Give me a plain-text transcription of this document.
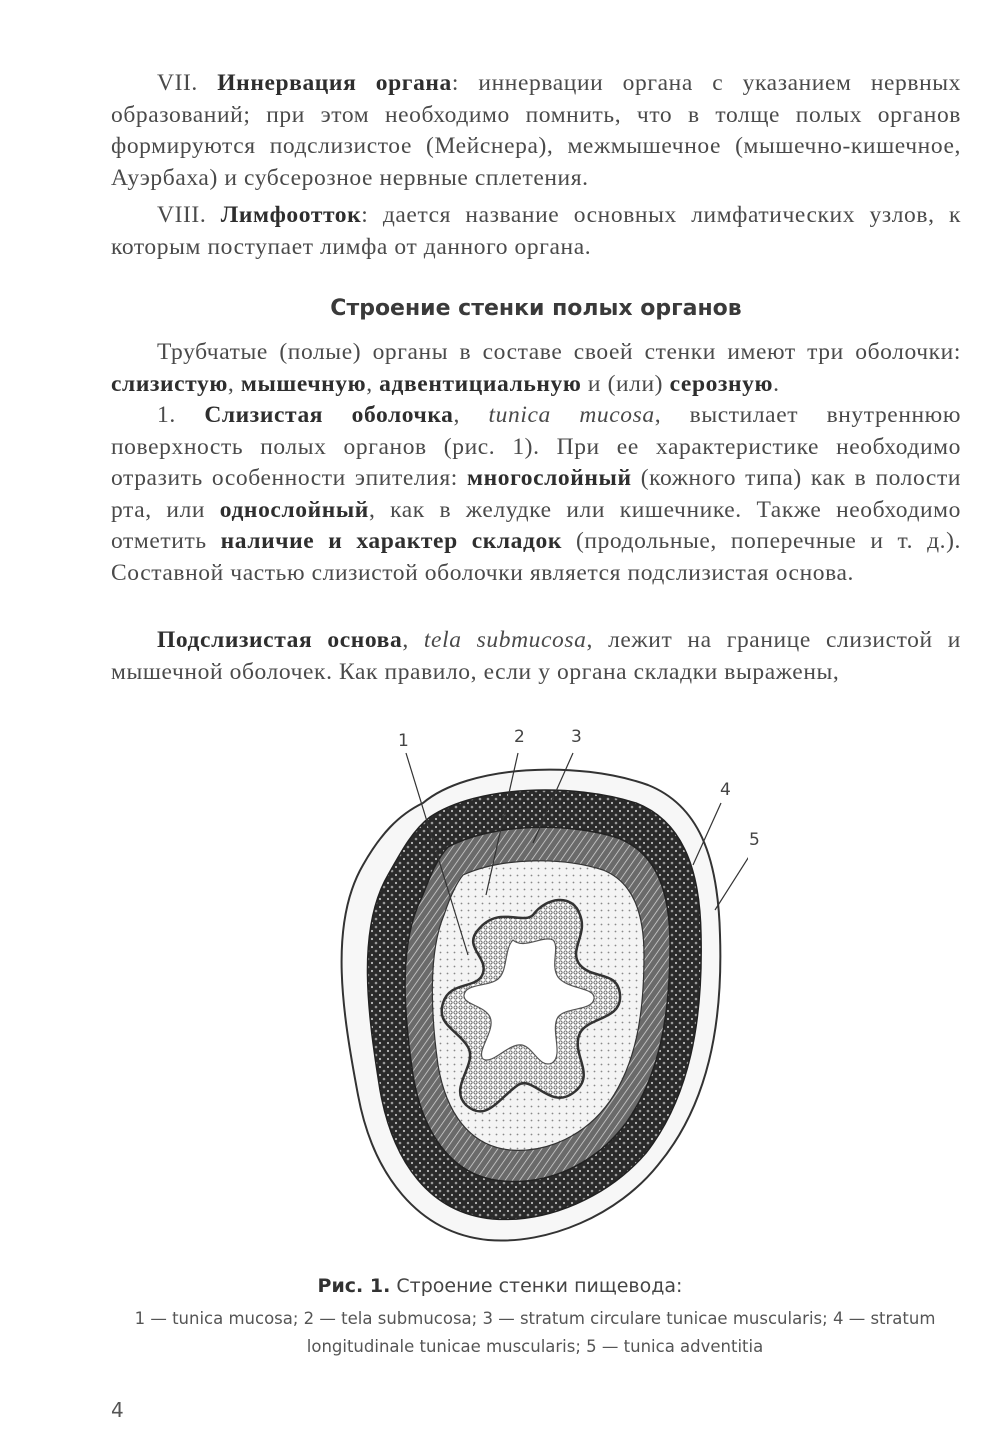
VII. Иннервация органа: иннервации органа с указанием нервных образований; при этом необходимо помнить, что в толще полых органов формируются подслизистое (Мейснера), межмышечное (мышечно-кишечное, Ауэрбаха) и субсерозное нервные сплетения.
VIII. Лимфоотток: дается название основных лимфатических узлов, к которым поступает лимфа от данного органа.
Строение стенки полых органов
Трубчатые (полые) органы в составе своей стенки имеют три оболочки: слизистую, мышечную, адвентициальную и (или) серозную.
1. Слизистая оболочка, tunica mucosa, выстилает внутреннюю поверхность полых органов (рис. 1). При ее характеристике необходимо отразить особенности эпителия: многослойный (кожного типа) как в полости рта, или однослойный, как в желудке или кишечнике. Также необходимо отметить наличие и характер складок (продольные, поперечные и т. д.). Составной частью слизистой оболочки является подслизистая основа.
Подслизистая основа, tela submucosa, лежит на границе слизистой и мышечной оболочек. Как правило, если у органа складки выражены,
1	2	3
4
5
Рис. 1. Строение стенки пищевода:
1 — tunica mucosa; 2 — tela submucosa; 3 — stratum circulare tunicae muscularis; 4 — stratum longitudinale tunicae muscularis; 5 — tunica adventitia
4
